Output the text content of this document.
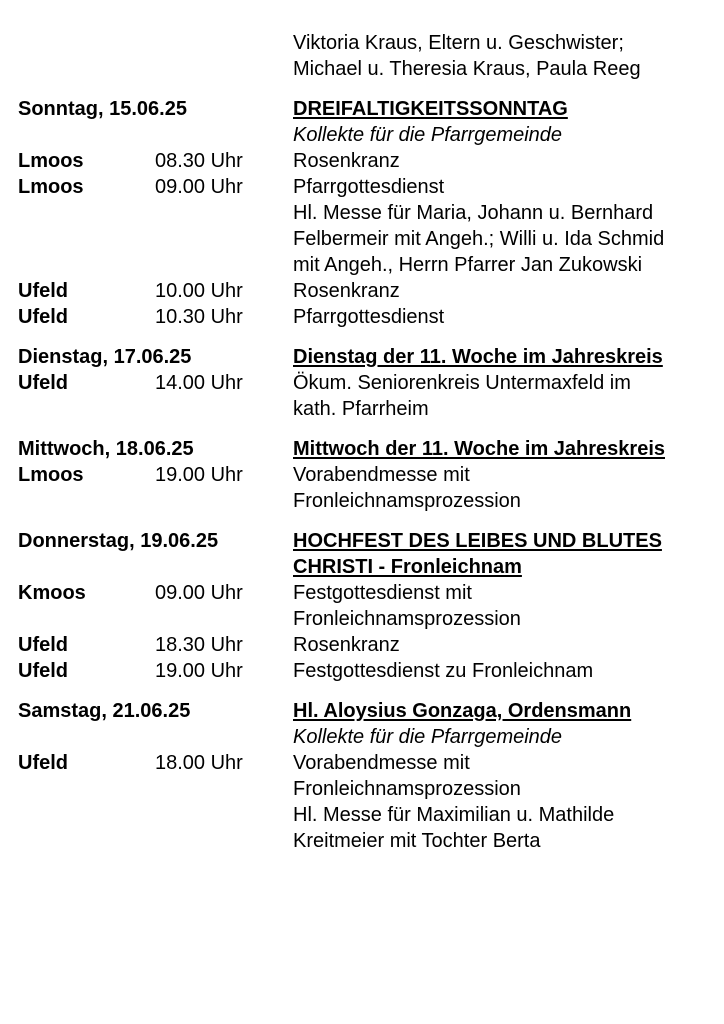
Viktoria Kraus, Eltern u. Geschwister;
Michael u. Theresia Kraus, Paula Reeg
Sonntag, 15.06.25	DREIFALTIGKEITSSONNTAG
Kollekte für die Pfarrgemeinde
Lmoos	08.30 Uhr	Rosenkranz
Lmoos	09.00 Uhr	Pfarrgottesdienst
Hl. Messe für Maria, Johann u. Bernhard
Felbermeir mit Angeh.; Willi u. Ida Schmid
mit Angeh., Herrn Pfarrer Jan Zukowski
Ufeld	10.00 Uhr	Rosenkranz
Ufeld	10.30 Uhr	Pfarrgottesdienst
Dienstag, 17.06.25	Dienstag der 11. Woche im Jahreskreis
Ufeld	14.00 Uhr	Ökum. Seniorenkreis Untermaxfeld im
kath. Pfarrheim
Mittwoch, 18.06.25	Mittwoch der 11. Woche im Jahreskreis
Lmoos	19.00 Uhr	Vorabendmesse mit
Fronleichnamsprozession
Donnerstag, 19.06.25	HOCHFEST DES LEIBES UND BLUTES
CHRISTI - Fronleichnam
Kmoos	09.00 Uhr	Festgottesdienst mit
Fronleichnamsprozession
Ufeld	18.30 Uhr	Rosenkranz
Ufeld	19.00 Uhr	Festgottesdienst zu Fronleichnam
Samstag, 21.06.25	Hl. Aloysius Gonzaga, Ordensmann
Kollekte für die Pfarrgemeinde
Ufeld	18.00 Uhr	Vorabendmesse mit
Fronleichnamsprozession
Hl. Messe für Maximilian u. Mathilde
Kreitmeier mit Tochter Berta
